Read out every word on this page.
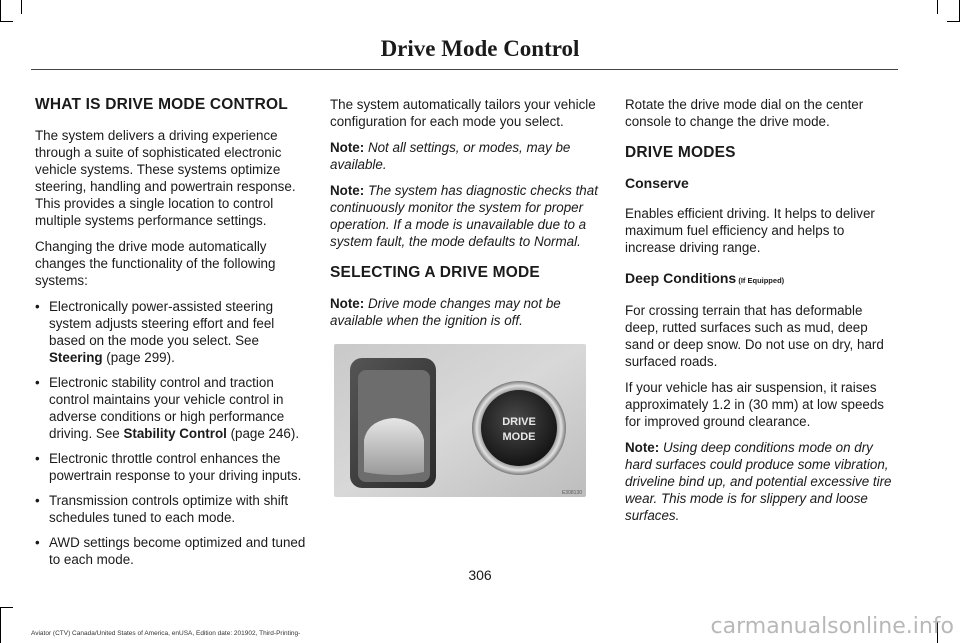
Drive Mode Control
WHAT IS DRIVE MODE CONTROL

The system delivers a driving experience through a suite of sophisticated electronic vehicle systems. These systems optimize steering, handling and powertrain response. This provides a single location to control multiple systems performance settings.

Changing the drive mode automatically changes the functionality of the following systems:

• Electronically power-assisted steering system adjusts steering effort and feel based on the mode you select. See Steering (page 299).
• Electronic stability control and traction control maintains your vehicle control in adverse conditions or high performance driving. See Stability Control (page 246).
• Electronic throttle control enhances the powertrain response to your driving inputs.
• Transmission controls optimize with shift schedules tuned to each mode.
• AWD settings become optimized and tuned to each mode.

The system automatically tailors your vehicle configuration for each mode you select.

Note: Not all settings, or modes, may be available.

Note: The system has diagnostic checks that continuously monitor the system for proper operation. If a mode is unavailable due to a system fault, the mode defaults to Normal.

SELECTING A DRIVE MODE

Note: Drive mode changes may not be available when the ignition is off.

DRIVE
MODE
E308130

Rotate the drive mode dial on the center console to change the drive mode.

DRIVE MODES
Conserve

Enables efficient driving. It helps to deliver maximum fuel efficiency and helps to increase driving range.

Deep Conditions (If Equipped)

For crossing terrain that has deformable deep, rutted surfaces such as mud, deep sand or deep snow. Do not use on dry, hard surfaced roads.

If your vehicle has air suspension, it raises approximately 1.2 in (30 mm) at low speeds for improved ground clearance.

Note: Using deep conditions mode on dry hard surfaces could produce some vibration, driveline bind up, and potential excessive tire wear. This mode is for slippery and loose surfaces.

306
Aviator (CTV) Canada/United States of America, enUSA, Edition date: 201902, Third-Printing-	carmanualsonline.info
